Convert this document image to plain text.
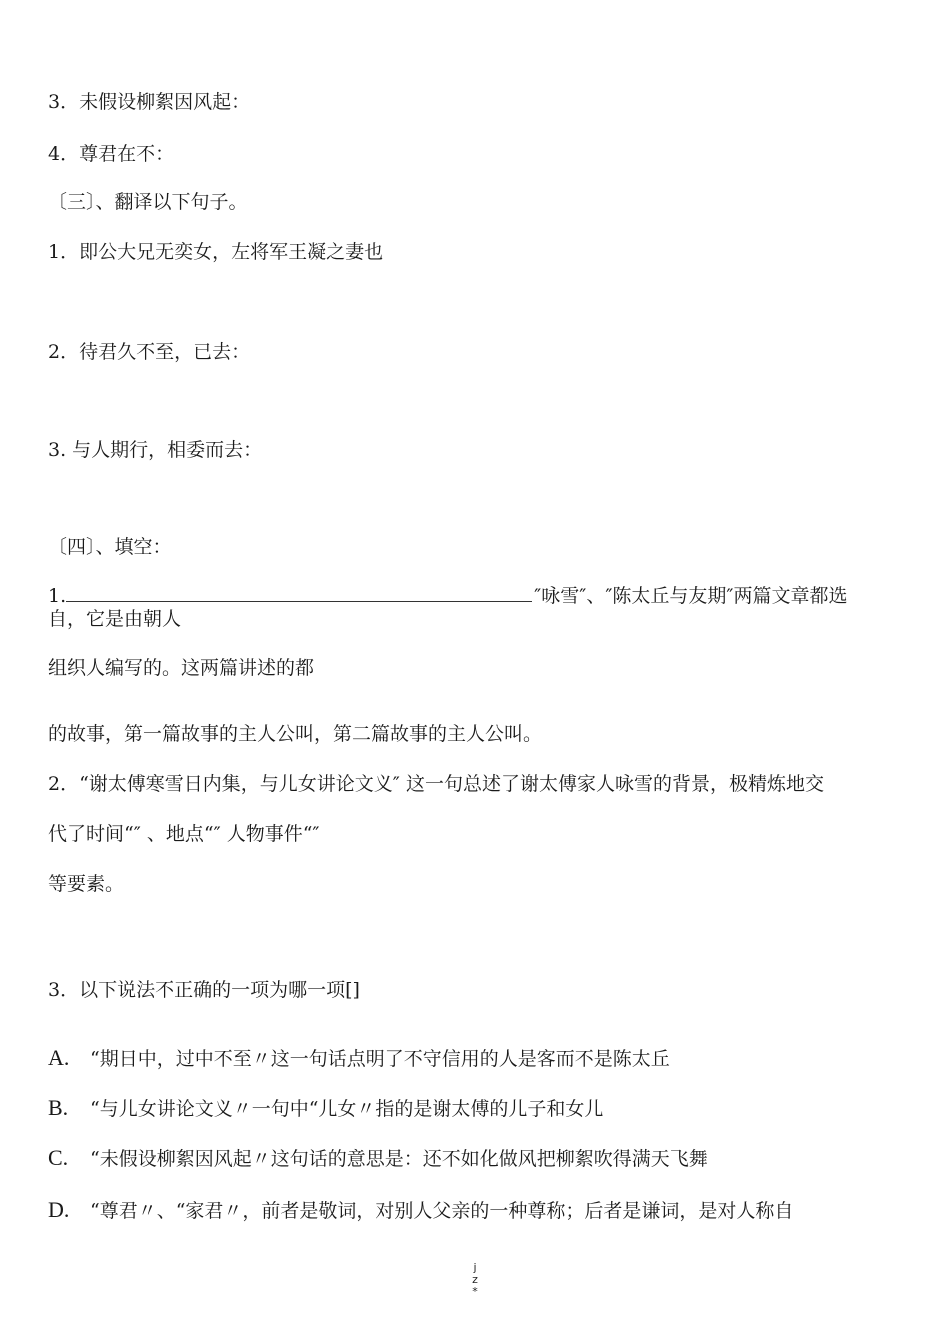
3．未假设柳絮因风起：
4．尊君在不：
〔三〕、翻译以下句子。
1．即公大兄无奕女，左将军王凝之妻也
2．待君久不至，已去：
3. 与人期行，相委而去：
〔四〕、填空：
1.	″咏雪″、″陈太丘与友期″两篇文章都选
自，它是由朝人
组织人编写的。这两篇讲述的都
的故事，第一篇故事的主人公叫，第二篇故事的主人公叫。
2．“谢太傅寒雪日内集，与儿女讲论文义″ 这一句总述了谢太傅家人咏雪的背景，极精炼地交
代了时间“″ 、地点“″ 人物事件“″
等要素。
3．以下说法不正确的一项为哪一项[]
A. “期日中，过中不至〃这一句话点明了不守信用的人是客而不是陈太丘
B. “与儿女讲论文义〃一句中“儿女〃指的是谢太傅的儿子和女儿
C. “未假设柳絮因风起〃这句话的意思是：还不如化做风把柳絮吹得满天飞舞
D. “尊君〃、“家君〃，前者是敬词，对别人父亲的一种尊称；后者是谦词，是对人称自
j
z
*
